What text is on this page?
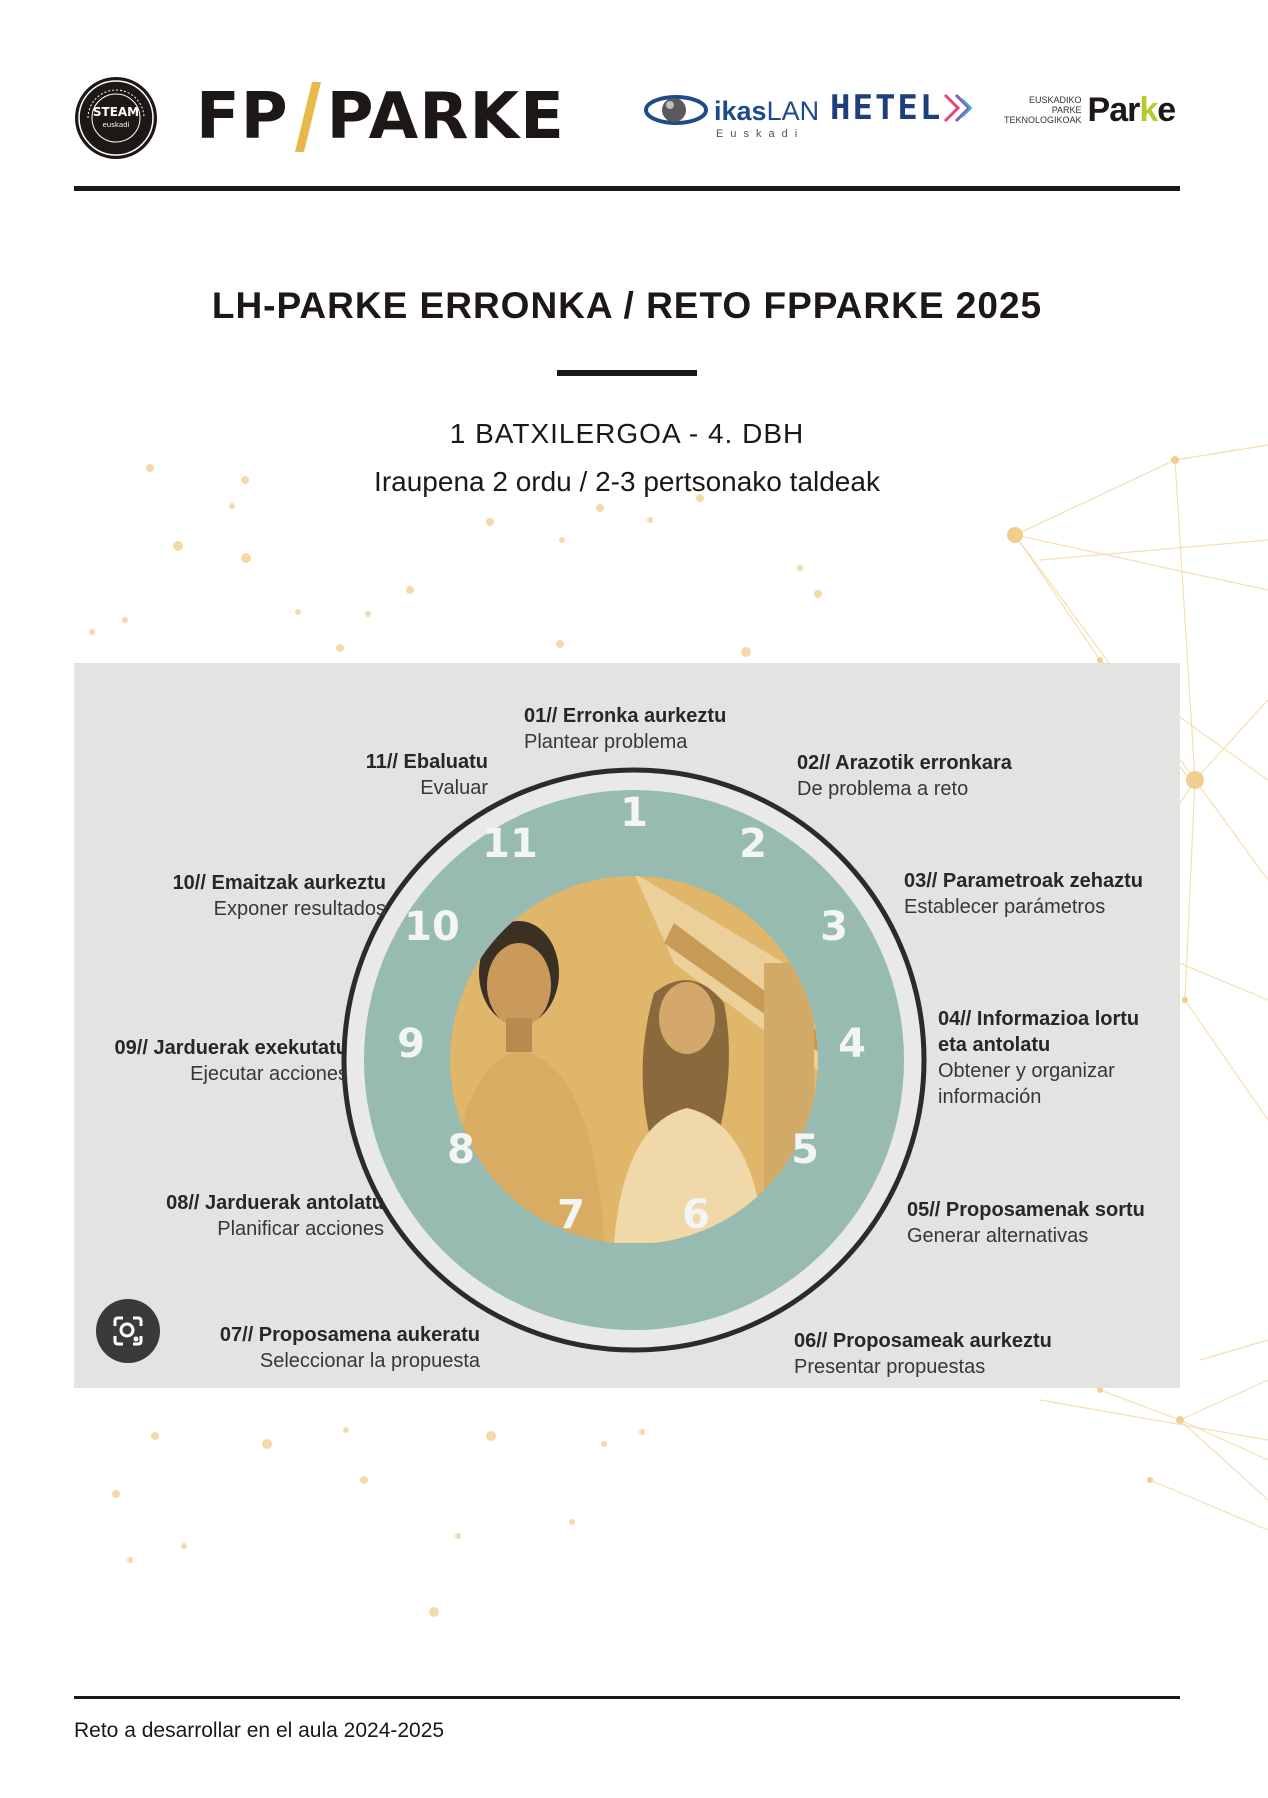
STEAM
euskadi FP PARKE	ikasLAN
Euskadi
HETEL	EUSKADIKO
PARKE
TEKNOLOGIKOAK Parke
LH-PARKE ERRONKA / RETO FPPARKE 2025
1 BATXILERGOA - 4. DBH
Iraupena 2 ordu / 2-3 pertsonako taldeak
1
2
3
4
5
6
7
8
9
10
11
01// Erronka aurkeztu
Plantear problema
02// Arazotik erronkara
De problema a reto
03// Parametroak zehaztu
Establecer parámetros
04// Informazioa lortu eta antolatu
Obtener y organizar información
05// Proposamenak sortu
Generar alternativas
06// Proposameak aurkeztu
Presentar propuestas
07// Proposamena aukeratu
Seleccionar la propuesta
08// Jarduerak antolatu
Planificar acciones
09// Jarduerak exekutatu
Ejecutar acciones
10// Emaitzak aurkeztu
Exponer resultados
11// Ebaluatu
Evaluar
Reto a desarrollar en el aula 2024-2025
